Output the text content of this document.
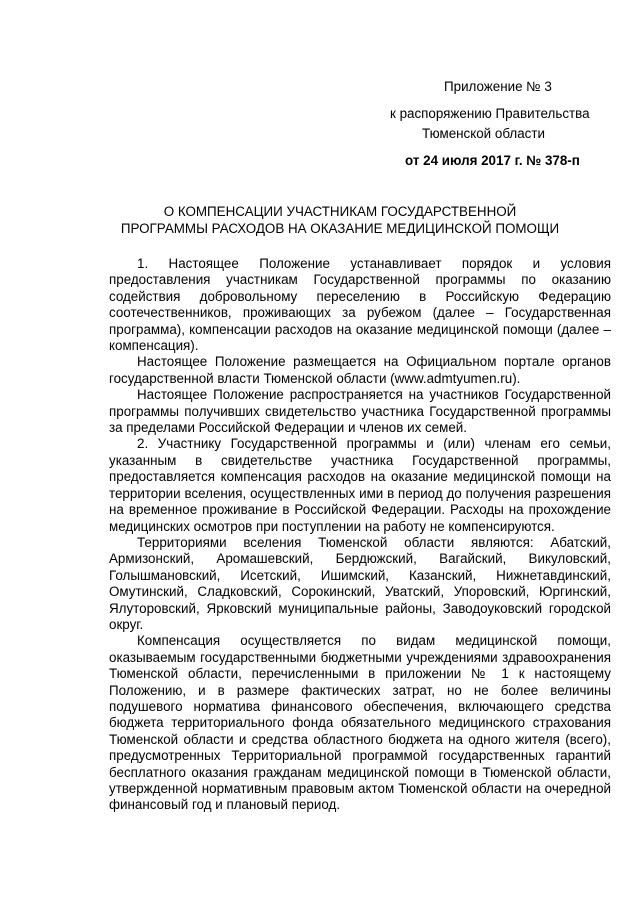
Приложение № 3
к распоряжению Правительства
Тюменской области
от 24 июля 2017 г. № 378-п
О КОМПЕНСАЦИИ УЧАСТНИКАМ ГОСУДАРСТВЕННОЙ
ПРОГРАММЫ РАСХОДОВ НА ОКАЗАНИЕ МЕДИЦИНСКОЙ ПОМОЩИ

1. Настоящее Положение устанавливает порядок и условия предоставления участникам Государственной программы по оказанию содействия добровольному переселению в Российскую Федерацию соотечественников, проживающих за рубежом (далее – Государственная программа), компенсации расходов на оказание медицинской помощи (далее – компенсация).

Настоящее Положение размещается на Официальном портале органов государственной власти Тюменской области (www.admtyumen.ru).

Настоящее Положение распространяется на участников Государственной программы получивших свидетельство участника Государственной программы за пределами Российской Федерации и членов их семей.

2. Участнику Государственной программы и (или) членам его семьи, указанным в свидетельстве участника Государственной программы, предоставляется компенсация расходов на оказание медицинской помощи на территории вселения, осуществленных ими в период до получения разрешения на временное проживание в Российской Федерации. Расходы на прохождение медицинских осмотров при поступлении на работу не компенсируются.

Территориями вселения Тюменской области являются: Абатский, Армизонский, Аромашевский, Бердюжский, Вагайский, Викуловский, Голышмановский, Исетский, Ишимский, Казанский, Нижнетавдинский, Омутинский, Сладковский, Сорокинский, Уватский, Упоровский, Юргинский, Ялуторовский, Ярковский муниципальные районы, Заводоуковский городской округ.

Компенсация осуществляется по видам медицинской помощи, оказываемым государственными бюджетными учреждениями здравоохранения Тюменской области, перечисленными в приложении № 1 к настоящему Положению, и в размере фактических затрат, но не более величины подушевого норматива финансового обеспечения, включающего средства бюджета территориального фонда обязательного медицинского страхования Тюменской области и средства областного бюджета на одного жителя (всего), предусмотренных Территориальной программой государственных гарантий бесплатного оказания гражданам медицинской помощи в Тюменской области, утвержденной нормативным правовым актом Тюменской области на очередной финансовый год и плановый период.
